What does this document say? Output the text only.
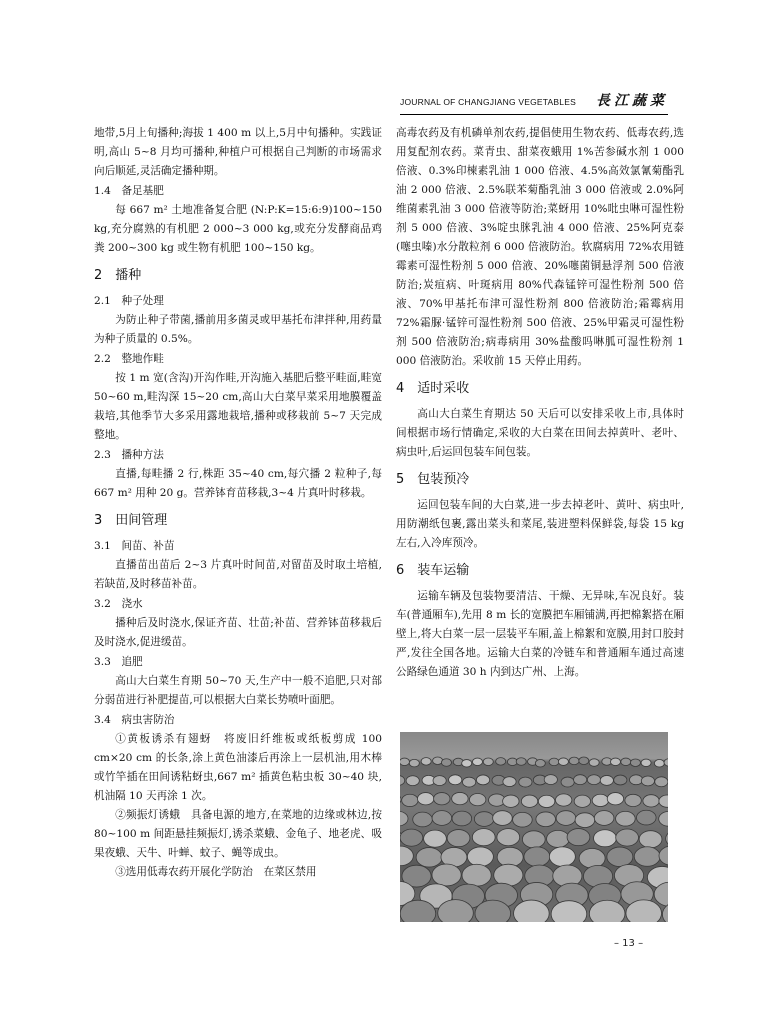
JOURNAL OF CHANGJIANG VEGETABLES 長江蔬菜
地带,5月上旬播种;海拔 1 400 m 以上,5月中旬播种。实践证明,高山 5~8 月均可播种,种植户可根据自己判断的市场需求向后顺延,灵活确定播种期。
1.4　备足基肥
每 667 m² 土地准备复合肥 (N:P:K=15:6:9)100~150 kg,充分腐熟的有机肥 2 000~3 000 kg,或充分发酵商品鸡粪 200~300 kg 或生物有机肥 100~150 kg。
2　播种
2.1　种子处理
为防止种子带菌,播前用多菌灵或甲基托布津拌种,用药量为种子质量的 0.5%。
2.2　整地作畦
按 1 m 宽(含沟)开沟作畦,开沟施入基肥后整平畦面,畦宽 50~60 m,畦沟深 15~20 cm,高山大白菜早菜采用地膜覆盖栽培,其他季节大多采用露地栽培,播种或移栽前 5~7 天完成整地。
2.3　播种方法
直播,每畦播 2 行,株距 35~40 cm,每穴播 2 粒种子,每 667 m² 用种 20 g。营养钵育苗移栽,3~4 片真叶时移栽。
3　田间管理
3.1　间苗、补苗
直播苗出苗后 2~3 片真叶时间苗,对留苗及时取土培植,若缺苗,及时移苗补苗。
3.2　浇水
播种后及时浇水,保证齐苗、壮苗;补苗、营养钵苗移栽后及时浇水,促进缓苗。
3.3　追肥
高山大白菜生育期 50~70 天,生产中一般不追肥,只对部分弱苗进行补肥提苗,可以根据大白菜长势喷叶面肥。
3.4　病虫害防治
①黄板诱杀有翅蚜　将废旧纤维板或纸板剪成 100 cm×20 cm 的长条,涂上黄色油漆后再涂上一层机油,用木棒或竹竿插在田间诱粘蚜虫,667 m² 插黄色粘虫板 30~40 块,机油隔 10 天再涂 1 次。
②频振灯诱蛾　具备电源的地方,在菜地的边缘或林边,按 80~100 m 间距悬挂频振灯,诱杀菜蛾、金龟子、地老虎、吸果夜蛾、天牛、叶蝉、蚊子、蝇等成虫。
③选用低毒农药开展化学防治　在菜区禁用
高毒农药及有机磷单剂农药,提倡使用生物农药、低毒农药,选用复配剂农药。菜青虫、甜菜夜蛾用 1%苦参碱水剂 1 000 倍液、0.3%印楝素乳油 1 000 倍液、4.5%高效氯氰菊酯乳油 2 000 倍液、2.5%联苯菊酯乳油 3 000 倍液或 2.0%阿维菌素乳油 3 000 倍液等防治;菜蚜用 10%吡虫啉可湿性粉剂 5 000 倍液、3%啶虫脒乳油 4 000 倍液、25%阿克泰(噻虫嗪)水分散粒剂 6 000 倍液防治。软腐病用 72%农用链霉素可湿性粉剂 5 000 倍液、20%噻菌铜悬浮剂 500 倍液防治;炭疽病、叶斑病用 80%代森锰锌可湿性粉剂 500 倍液、70%甲基托布津可湿性粉剂 800 倍液防治;霜霉病用 72%霜脲·锰锌可湿性粉剂 500 倍液、25%甲霜灵可湿性粉剂 500 倍液防治;病毒病用 30%盐酸吗啉胍可湿性粉剂 1 000 倍液防治。采收前 15 天停止用药。
4　适时采收
高山大白菜生育期达 50 天后可以安排采收上市,具体时间根据市场行情确定,采收的大白菜在田间去掉黄叶、老叶、病虫叶,后运回包装车间包装。
5　包装预冷
运回包装车间的大白菜,进一步去掉老叶、黄叶、病虫叶,用防潮纸包裹,露出菜头和菜尾,装进塑料保鲜袋,每袋 15 kg 左右,入冷库预冷。
6　装车运输
运输车辆及包装物要清洁、干燥、无异味,车况良好。装车(普通厢车),先用 8 m 长的宽膜把车厢铺满,再把棉絮搭在厢壁上,将大白菜一层一层装平车厢,盖上棉絮和宽膜,用封口胶封严,发往全国各地。运输大白菜的冷链车和普通厢车通过高速公路绿色通道 30 h 内到达广州、上海。
– 13 –
